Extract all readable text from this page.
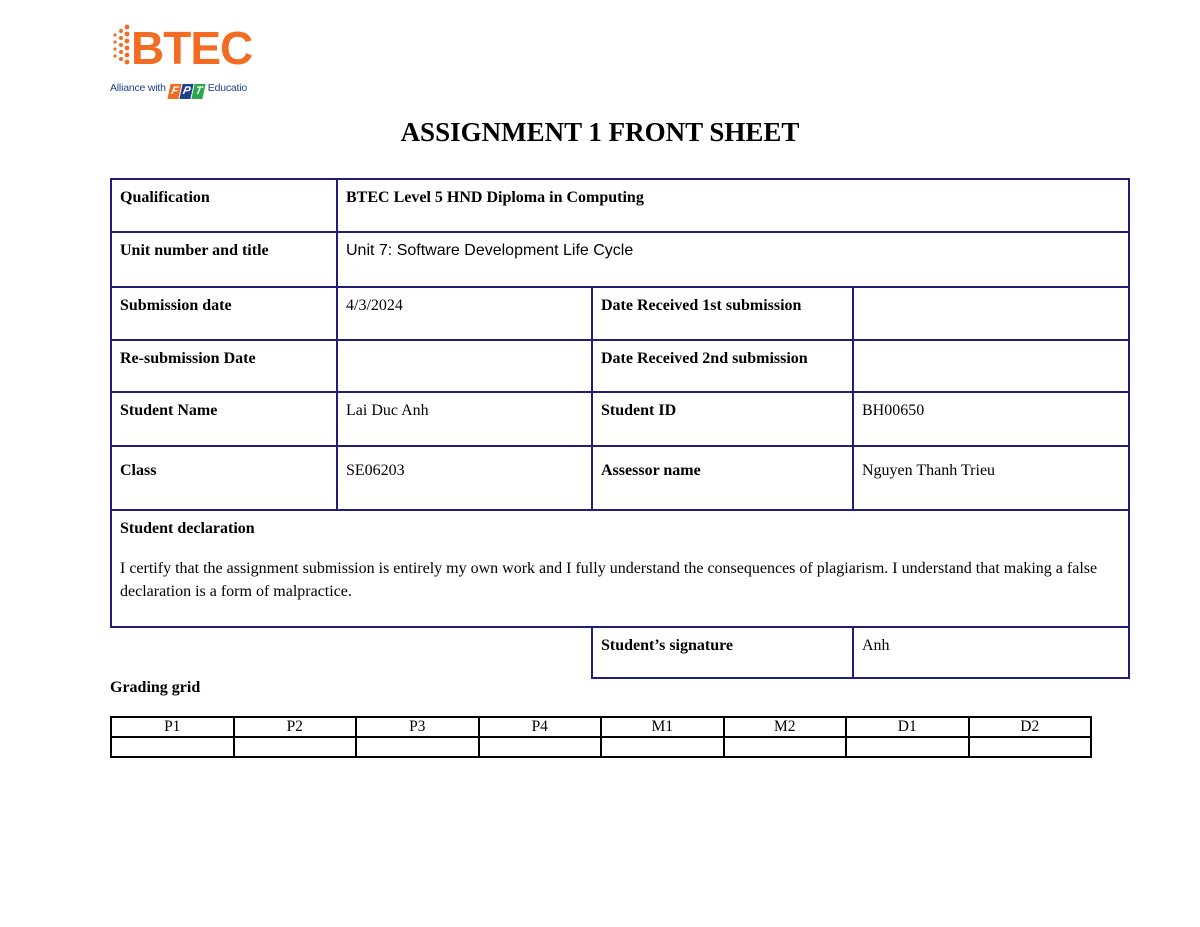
BTEC

Alliance with F P T Educatio
ASSIGNMENT 1 FRONT SHEET
Qualification	BTEC Level 5 HND Diploma in Computing		
Unit number and title	Unit 7: Software Development Life Cycle		
Submission date	4/3/2024	Date Received 1st submission	
Re-submission Date		Date Received 2nd submission	
Student Name	Lai Duc Anh	Student ID	BH00650
Class	SE06203	Assessor name	Nguyen Thanh Trieu

Student declaration

I certify that the assignment submission is entirely my own work and I fully understand the consequences of plagiarism. I understand that making a false declaration is a form of malpractice.			

		Student’s signature	Anh

Grading grid

P1	P2	P3	P4	M1	M2	D1	D2
